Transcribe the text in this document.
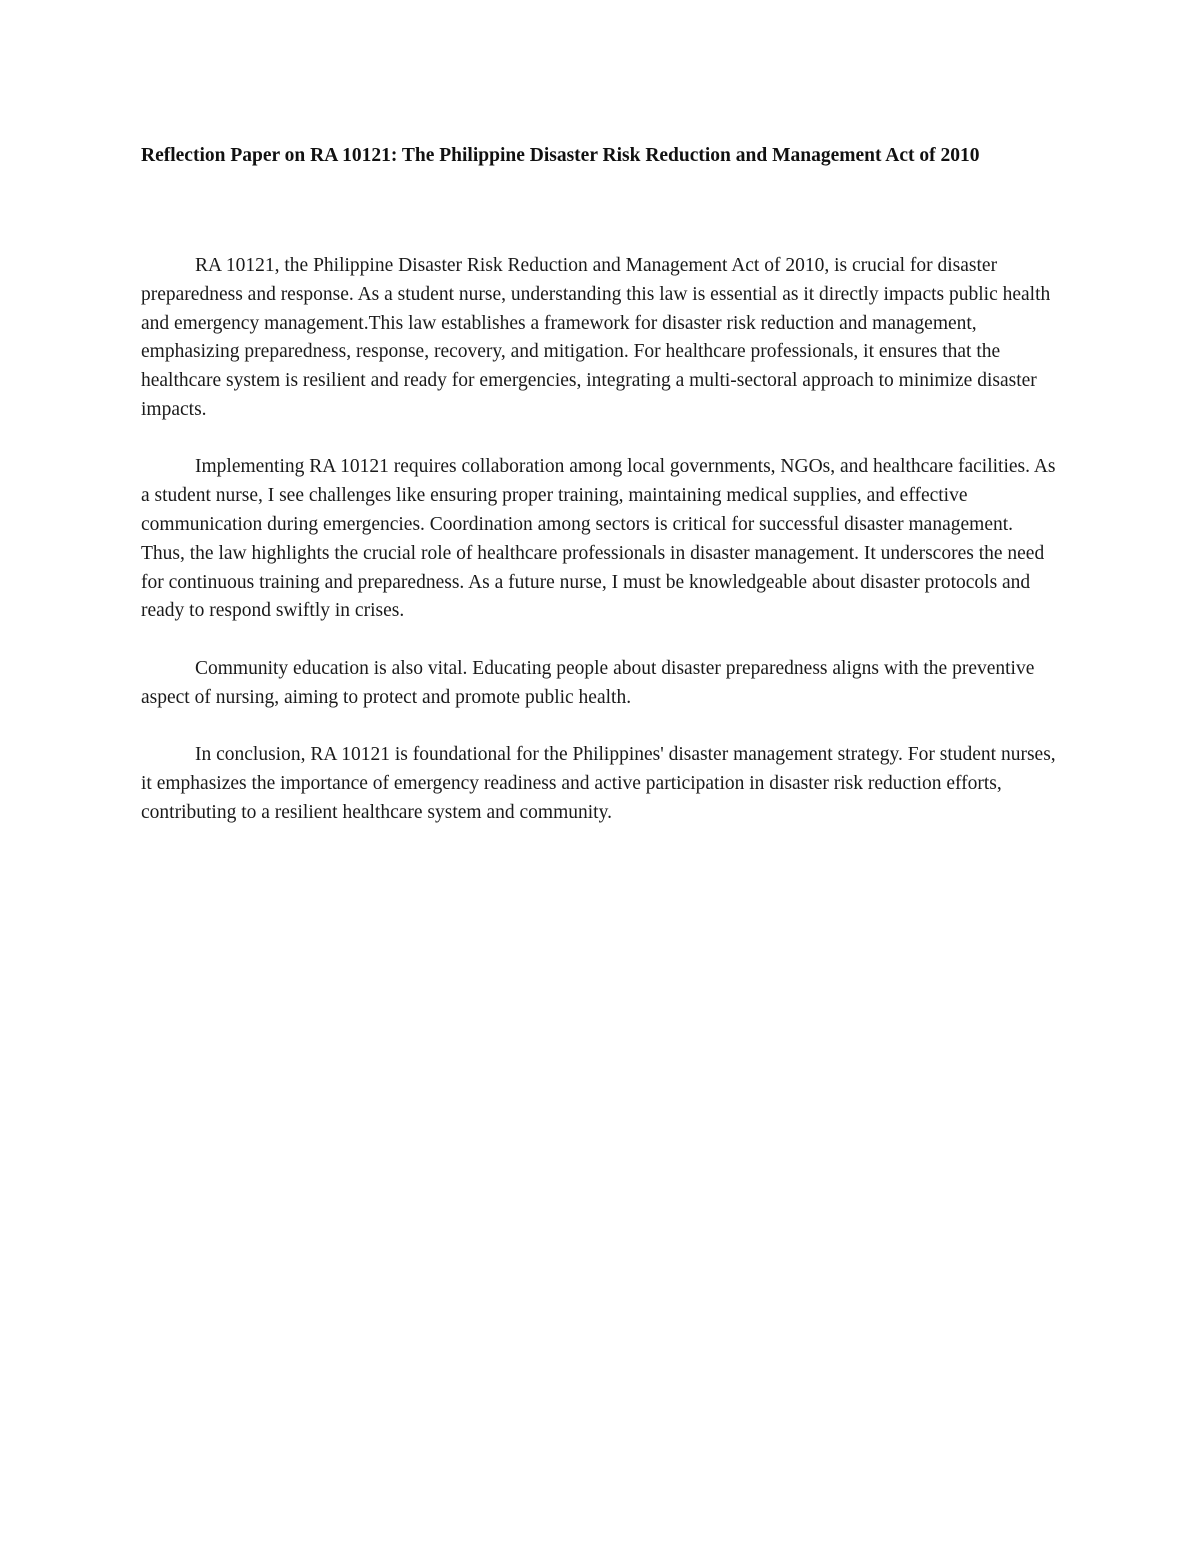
Reflection Paper on RA 10121: The Philippine Disaster Risk Reduction and Management Act of 2010

RA 10121, the Philippine Disaster Risk Reduction and Management Act of 2010, is crucial for disaster preparedness and response. As a student nurse, understanding this law is essential as it directly impacts public health and emergency management.This law establishes a framework for disaster risk reduction and management, emphasizing preparedness, response, recovery, and mitigation. For healthcare professionals, it ensures that the healthcare system is resilient and ready for emergencies, integrating a multi-sectoral approach to minimize disaster impacts.

Implementing RA 10121 requires collaboration among local governments, NGOs, and healthcare facilities. As a student nurse, I see challenges like ensuring proper training, maintaining medical supplies, and effective communication during emergencies. Coordination among sectors is critical for successful disaster management. Thus, the law highlights the crucial role of healthcare professionals in disaster management. It underscores the need for continuous training and preparedness. As a future nurse, I must be knowledgeable about disaster protocols and ready to respond swiftly in crises.

Community education is also vital. Educating people about disaster preparedness aligns with the preventive aspect of nursing, aiming to protect and promote public health.

In conclusion, RA 10121 is foundational for the Philippines' disaster management strategy. For student nurses, it emphasizes the importance of emergency readiness and active participation in disaster risk reduction efforts, contributing to a resilient healthcare system and community.
